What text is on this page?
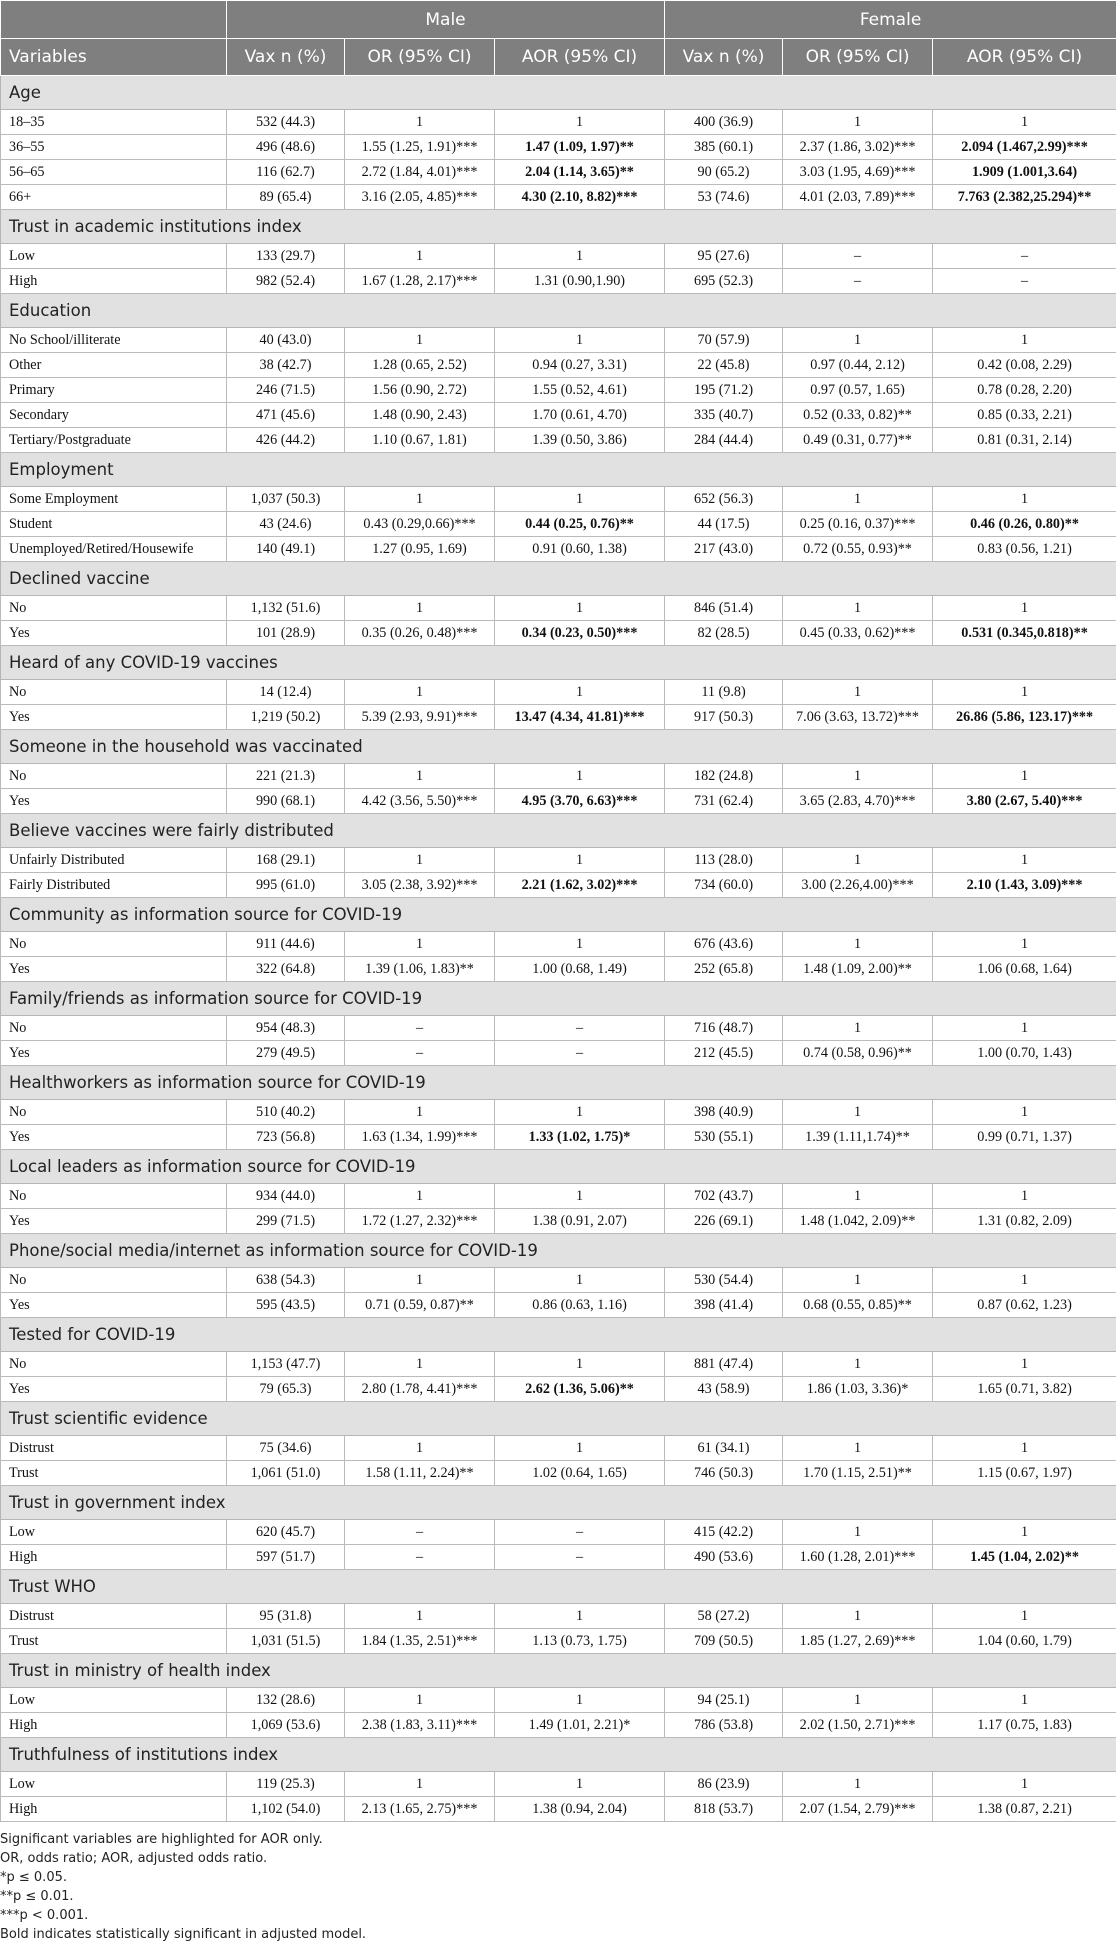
	Male			Female		
Variables	Vax n (%)	OR (95% CI)	AOR (95% CI)	Vax n (%)	OR (95% CI)	AOR (95% CI)
Age						
18–35	532 (44.3)	1	1	400 (36.9)	1	1
36–55	496 (48.6)	1.55 (1.25, 1.91)***	1.47 (1.09, 1.97)**	385 (60.1)	2.37 (1.86, 3.02)***	2.094 (1.467,2.99)***
56–65	116 (62.7)	2.72 (1.84, 4.01)***	2.04 (1.14, 3.65)**	90 (65.2)	3.03 (1.95, 4.69)***	1.909 (1.001,3.64)
66+	89 (65.4)	3.16 (2.05, 4.85)***	4.30 (2.10, 8.82)***	53 (74.6)	4.01 (2.03, 7.89)***	7.763 (2.382,25.294)**
Trust in academic institutions index						
Low	133 (29.7)	1	1	95 (27.6)	–	–
High	982 (52.4)	1.67 (1.28, 2.17)***	1.31 (0.90,1.90)	695 (52.3)	–	–
Education						
No School/illiterate	40 (43.0)	1	1	70 (57.9)	1	1
Other	38 (42.7)	1.28 (0.65, 2.52)	0.94 (0.27, 3.31)	22 (45.8)	0.97 (0.44, 2.12)	0.42 (0.08, 2.29)
Primary	246 (71.5)	1.56 (0.90, 2.72)	1.55 (0.52, 4.61)	195 (71.2)	0.97 (0.57, 1.65)	0.78 (0.28, 2.20)
Secondary	471 (45.6)	1.48 (0.90, 2.43)	1.70 (0.61, 4.70)	335 (40.7)	0.52 (0.33, 0.82)**	0.85 (0.33, 2.21)
Tertiary/Postgraduate	426 (44.2)	1.10 (0.67, 1.81)	1.39 (0.50, 3.86)	284 (44.4)	0.49 (0.31, 0.77)**	0.81 (0.31, 2.14)
Employment						
Some Employment	1,037 (50.3)	1	1	652 (56.3)	1	1
Student	43 (24.6)	0.43 (0.29,0.66)***	0.44 (0.25, 0.76)**	44 (17.5)	0.25 (0.16, 0.37)***	0.46 (0.26, 0.80)**
Unemployed/Retired/Housewife	140 (49.1)	1.27 (0.95, 1.69)	0.91 (0.60, 1.38)	217 (43.0)	0.72 (0.55, 0.93)**	0.83 (0.56, 1.21)
Declined vaccine						
No	1,132 (51.6)	1	1	846 (51.4)	1	1
Yes	101 (28.9)	0.35 (0.26, 0.48)***	0.34 (0.23, 0.50)***	82 (28.5)	0.45 (0.33, 0.62)***	0.531 (0.345,0.818)**
Heard of any COVID-19 vaccines						
No	14 (12.4)	1	1	11 (9.8)	1	1
Yes	1,219 (50.2)	5.39 (2.93, 9.91)***	13.47 (4.34, 41.81)***	917 (50.3)	7.06 (3.63, 13.72)***	26.86 (5.86, 123.17)***
Someone in the household was vaccinated						
No	221 (21.3)	1	1	182 (24.8)	1	1
Yes	990 (68.1)	4.42 (3.56, 5.50)***	4.95 (3.70, 6.63)***	731 (62.4)	3.65 (2.83, 4.70)***	3.80 (2.67, 5.40)***
Believe vaccines were fairly distributed						
Unfairly Distributed	168 (29.1)	1	1	113 (28.0)	1	1
Fairly Distributed	995 (61.0)	3.05 (2.38, 3.92)***	2.21 (1.62, 3.02)***	734 (60.0)	3.00 (2.26,4.00)***	2.10 (1.43, 3.09)***
Community as information source for COVID-19						
No	911 (44.6)	1	1	676 (43.6)	1	1
Yes	322 (64.8)	1.39 (1.06, 1.83)**	1.00 (0.68, 1.49)	252 (65.8)	1.48 (1.09, 2.00)**	1.06 (0.68, 1.64)
Family/friends as information source for COVID-19						
No	954 (48.3)	–	–	716 (48.7)	1	1
Yes	279 (49.5)	–	–	212 (45.5)	0.74 (0.58, 0.96)**	1.00 (0.70, 1.43)
Healthworkers as information source for COVID-19						
No	510 (40.2)	1	1	398 (40.9)	1	1
Yes	723 (56.8)	1.63 (1.34, 1.99)***	1.33 (1.02, 1.75)*	530 (55.1)	1.39 (1.11,1.74)**	0.99 (0.71, 1.37)
Local leaders as information source for COVID-19						
No	934 (44.0)	1	1	702 (43.7)	1	1
Yes	299 (71.5)	1.72 (1.27, 2.32)***	1.38 (0.91, 2.07)	226 (69.1)	1.48 (1.042, 2.09)**	1.31 (0.82, 2.09)
Phone/social media/internet as information source for COVID-19						
No	638 (54.3)	1	1	530 (54.4)	1	1
Yes	595 (43.5)	0.71 (0.59, 0.87)**	0.86 (0.63, 1.16)	398 (41.4)	0.68 (0.55, 0.85)**	0.87 (0.62, 1.23)
Tested for COVID-19						
No	1,153 (47.7)	1	1	881 (47.4)	1	1
Yes	79 (65.3)	2.80 (1.78, 4.41)***	2.62 (1.36, 5.06)**	43 (58.9)	1.86 (1.03, 3.36)*	1.65 (0.71, 3.82)
Trust scientific evidence						
Distrust	75 (34.6)	1	1	61 (34.1)	1	1
Trust	1,061 (51.0)	1.58 (1.11, 2.24)**	1.02 (0.64, 1.65)	746 (50.3)	1.70 (1.15, 2.51)**	1.15 (0.67, 1.97)
Trust in government index						
Low	620 (45.7)	–	–	415 (42.2)	1	1
High	597 (51.7)	–	–	490 (53.6)	1.60 (1.28, 2.01)***	1.45 (1.04, 2.02)**
Trust WHO						
Distrust	95 (31.8)	1	1	58 (27.2)	1	1
Trust	1,031 (51.5)	1.84 (1.35, 2.51)***	1.13 (0.73, 1.75)	709 (50.5)	1.85 (1.27, 2.69)***	1.04 (0.60, 1.79)
Trust in ministry of health index						
Low	132 (28.6)	1	1	94 (25.1)	1	1
High	1,069 (53.6)	2.38 (1.83, 3.11)***	1.49 (1.01, 2.21)*	786 (53.8)	2.02 (1.50, 2.71)***	1.17 (0.75, 1.83)
Truthfulness of institutions index						
Low	119 (25.3)	1	1	86 (23.9)	1	1
High	1,102 (54.0)	2.13 (1.65, 2.75)***	1.38 (0.94, 2.04)	818 (53.7)	2.07 (1.54, 2.79)***	1.38 (0.87, 2.21)
Significant variables are highlighted for AOR only.
OR, odds ratio; AOR, adjusted odds ratio.
*p ≤ 0.05.
**p ≤ 0.01.
***p < 0.001.
Bold indicates statistically significant in adjusted model.
